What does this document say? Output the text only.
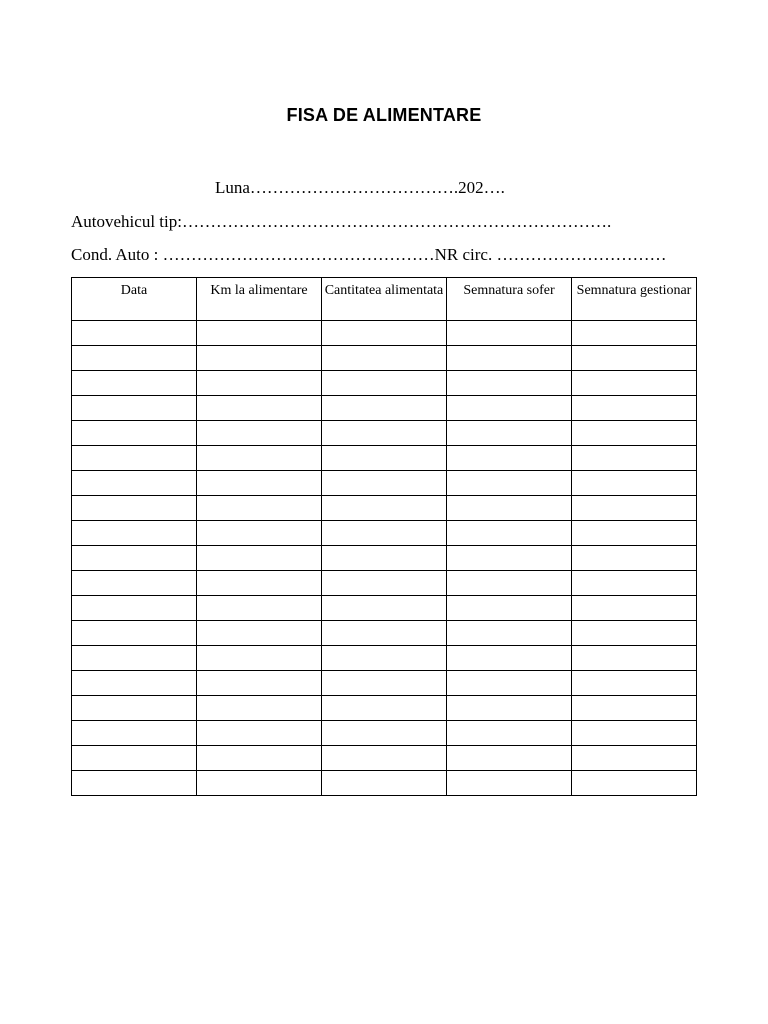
FISA DE ALIMENTARE
Luna……………………………….202….
Autovehicul tip:………………………………………………………………….
Cond. Auto : …………………………………………NR circ. …………………………
Data	Km la alimentare	Cantitatea alimentata	Semnatura sofer	Semnatura gestionar
